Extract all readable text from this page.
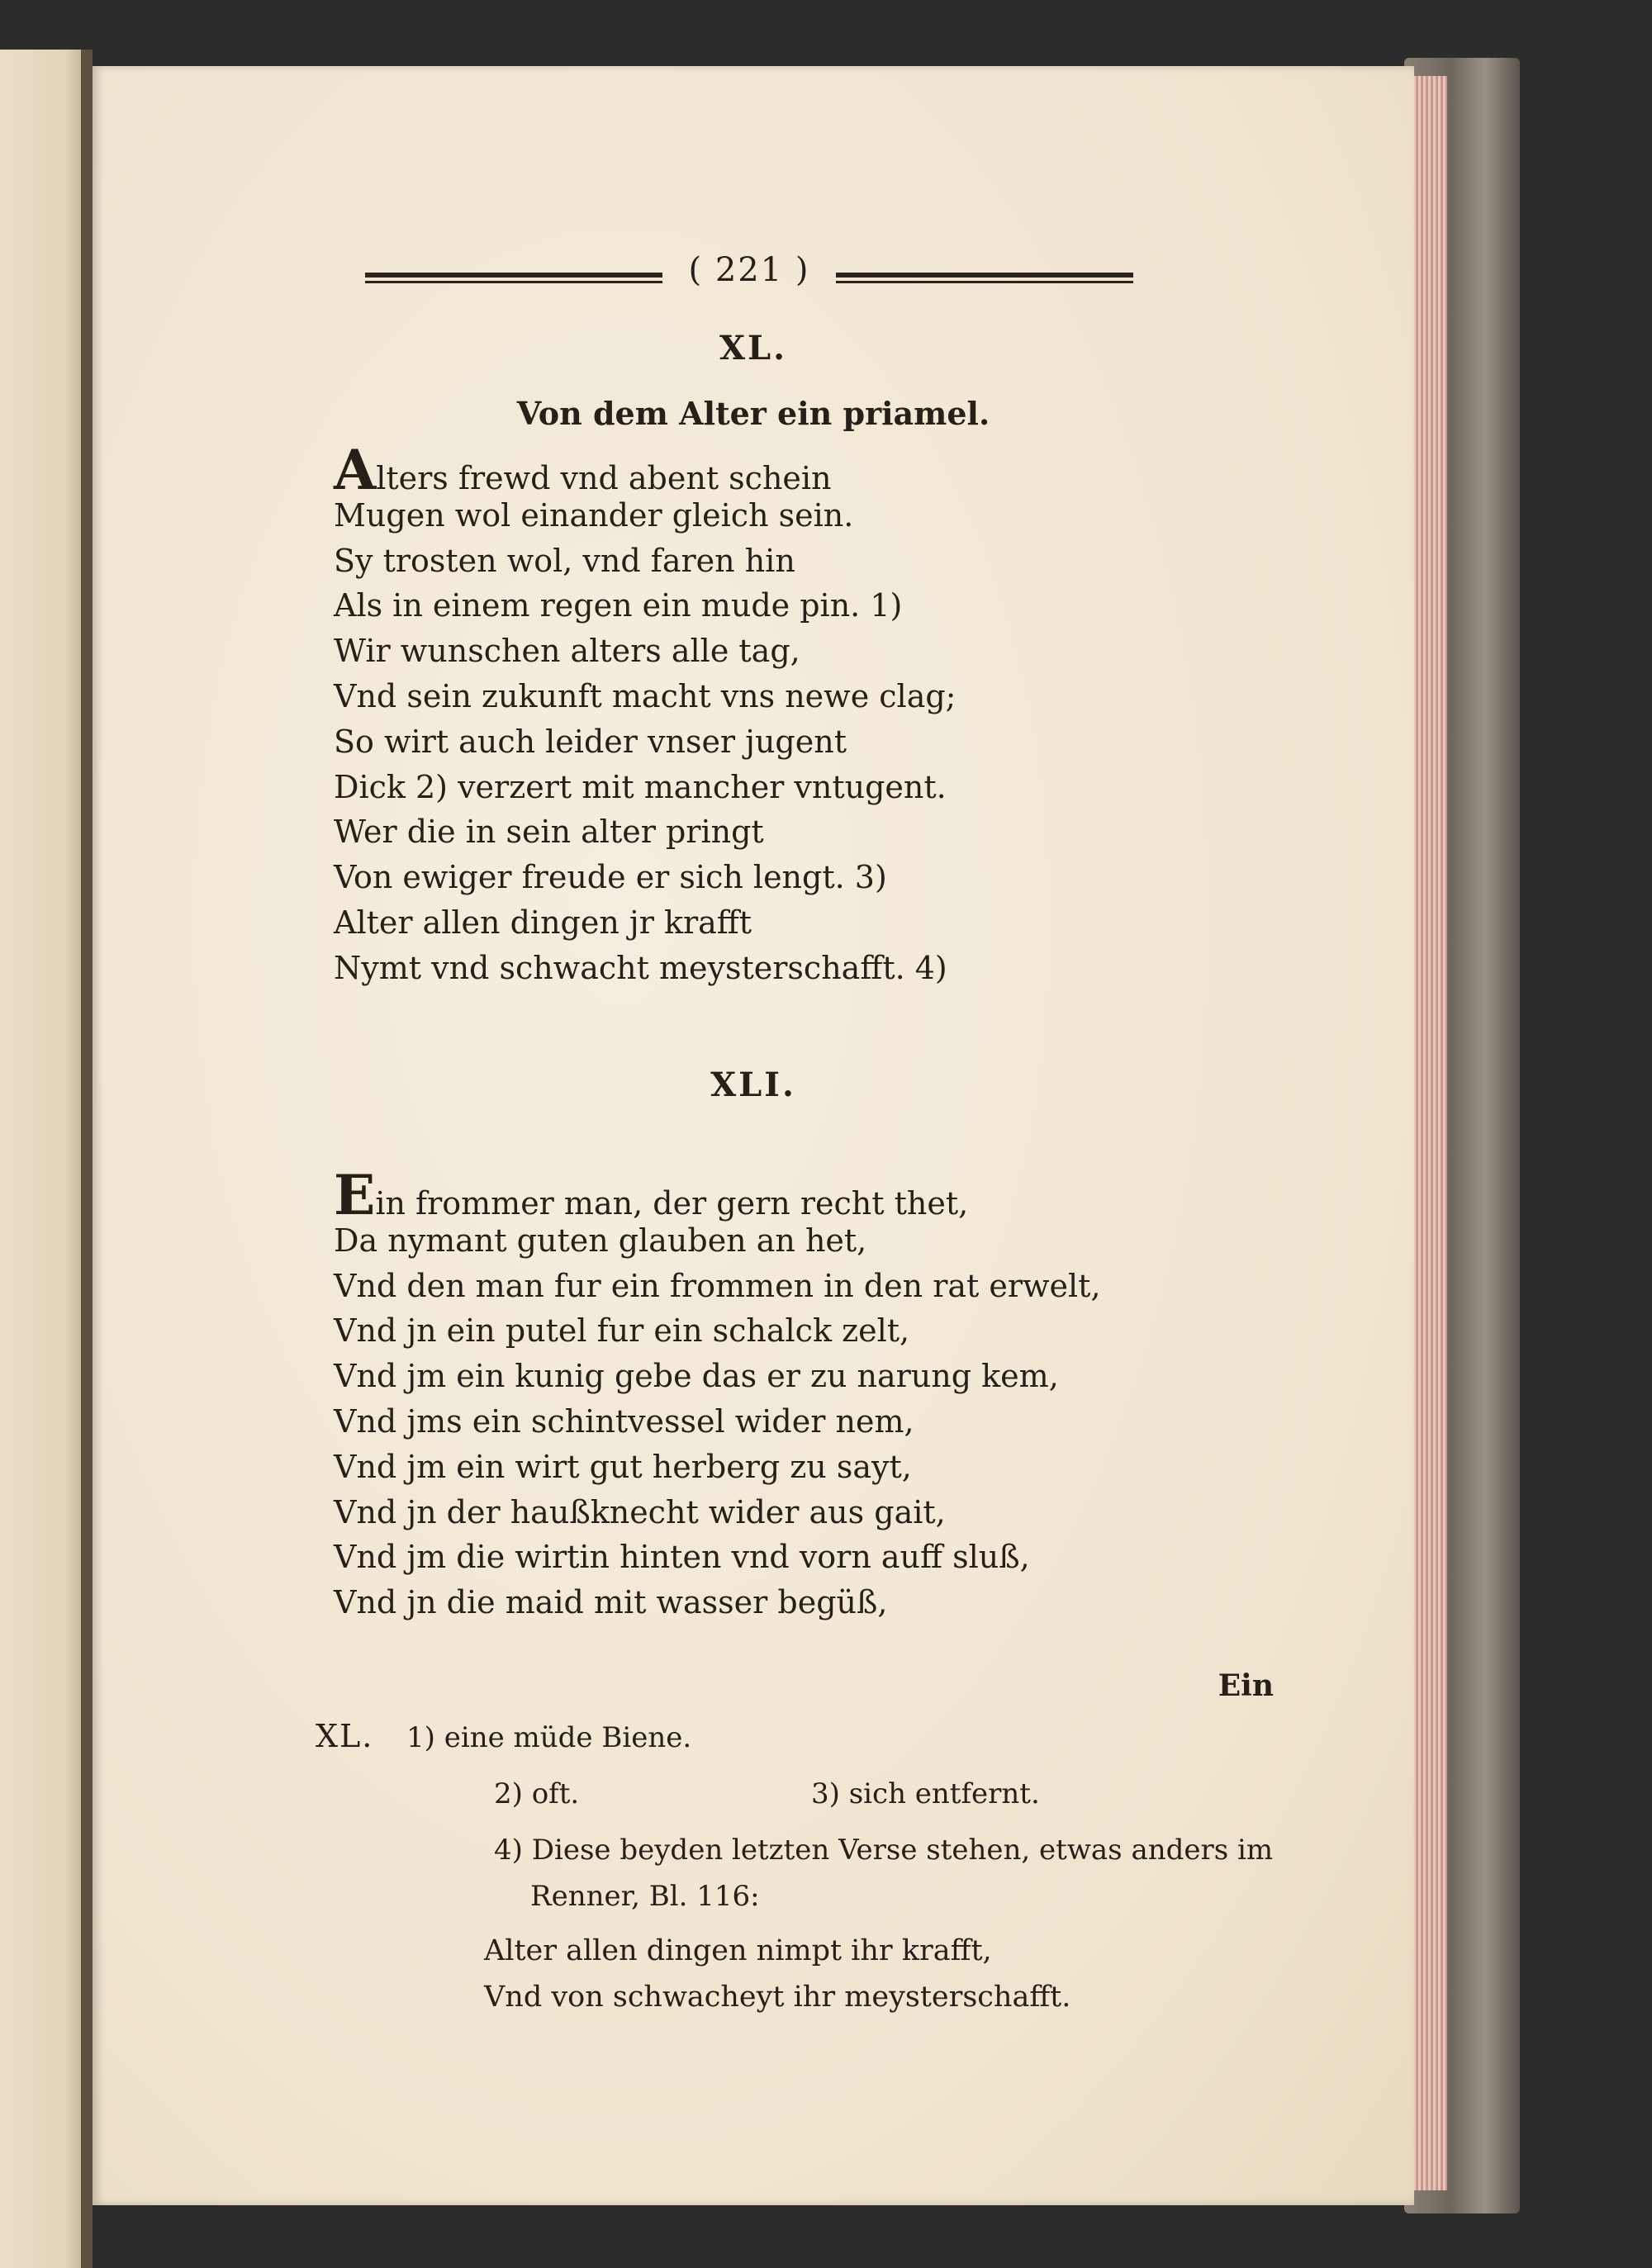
( 221 )
XL.
Von dem Alter ein priamel.
Alters frewd vnd abent schein
Mugen wol einander gleich sein.
Sy trosten wol, vnd faren hin
Als in einem regen ein mude pin. 1)
Wir wunschen alters alle tag,
Vnd sein zukunft macht vns newe clag;
So wirt auch leider vnser jugent
Dick 2) verzert mit mancher vntugent.
Wer die in sein alter pringt
Von ewiger freude er sich lengt. 3)
Alter allen dingen jr krafft
Nymt vnd schwacht meysterschafft. 4)
XLI.
Ein frommer man, der gern recht thet,
Da nymant guten glauben an het,
Vnd den man fur ein frommen in den rat erwelt,
Vnd jn ein putel fur ein schalck zelt,
Vnd jm ein kunig gebe das er zu narung kem,
Vnd jms ein schintvessel wider nem,
Vnd jm ein wirt gut herberg zu sayt,
Vnd jn der haußknecht wider aus gait,
Vnd jm die wirtin hinten vnd vorn auff sluß,
Vnd jn die maid mit wasser begüß,
Ein
XL. 1) eine müde Biene.
2) oft.	3) sich entfernt.
4) Diese beyden letzten Verse stehen, etwas anders im
Renner, Bl. 116:
Alter allen dingen nimpt ihr krafft,
Vnd von schwacheyt ihr meysterschafft.
